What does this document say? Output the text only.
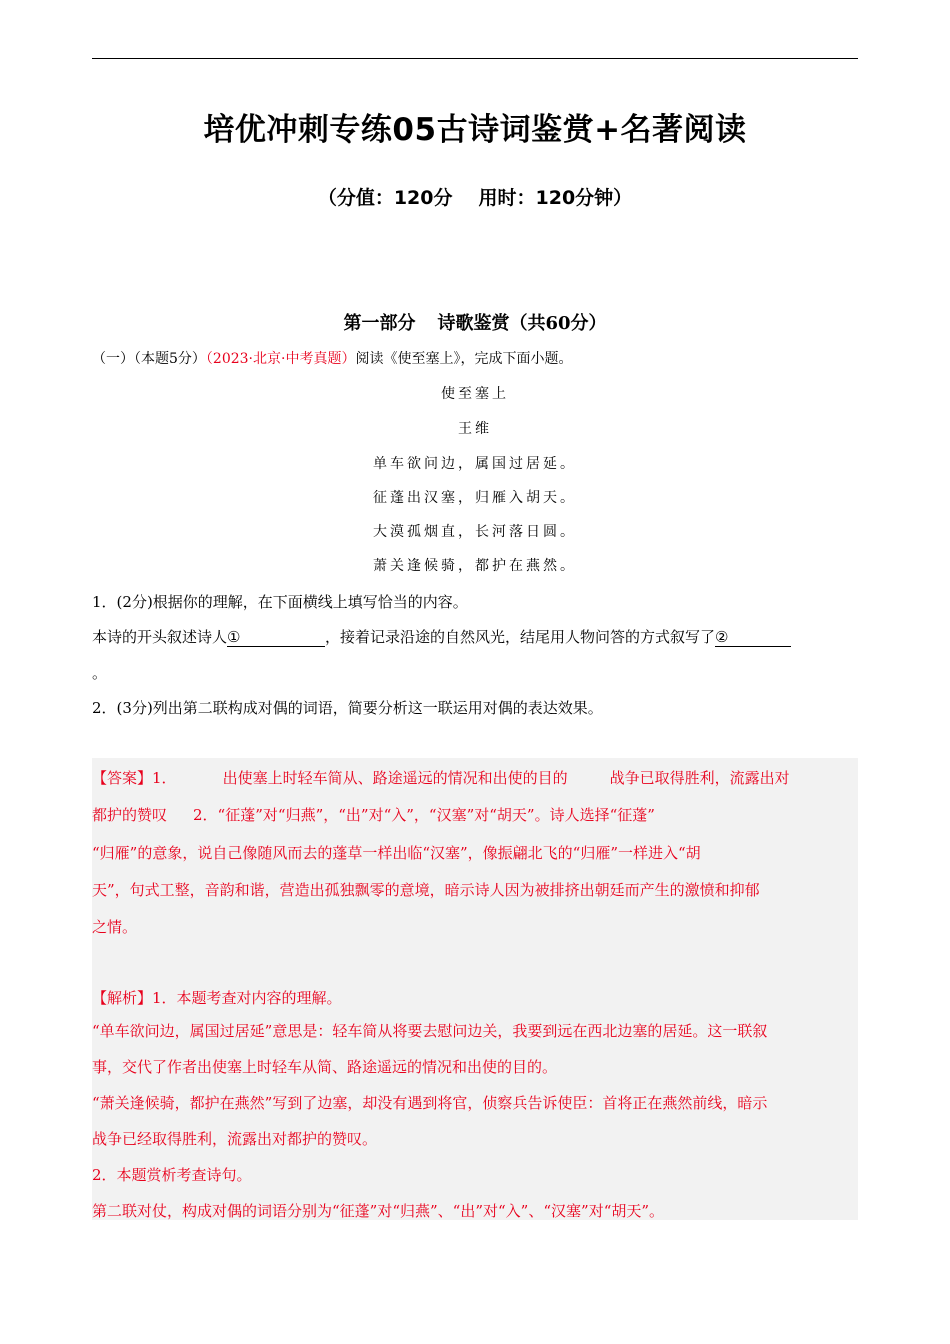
培优冲刺专练05古诗词鉴赏+名著阅读
（分值：120分 用时：120分钟）
第一部分 诗歌鉴赏（共60分）
（一）（本题5分）（2023·北京·中考真题）阅读《使至塞上》，完成下面小题。
使至塞上
王维
单车欲问边，属国过居延。
征蓬出汉塞，归雁入胡天。
大漠孤烟直，长河落日圆。
萧关逢候骑，都护在燕然。
1．(2分)根据你的理解，在下面横线上填写恰当的内容。
本诗的开头叙述诗人①	，接着记录沿途的自然风光，结尾用人物问答的方式叙写了②
。
2．(3分)列出第二联构成对偶的词语，简要分析这一联运用对偶的表达效果。
【答案】1．	出使塞上时轻车简从、路途遥远的情况和出使的目的	战争已取得胜利，流露出对
都护的赞叹 2．“征蓬”对“归燕”，“出”对“入”，“汉塞”对“胡天”。诗人选择“征蓬”
“归雁”的意象，说自己像随风而去的蓬草一样出临“汉塞”，像振翩北飞的“归雁”一样进入“胡
天”，句式工整，音韵和谐，营造出孤独飘零的意境，暗示诗人因为被排挤出朝廷而产生的激愤和抑郁
之情。
【解析】1．本题考查对内容的理解。
“单车欲问边，属国过居延”意思是：轻车简从将要去慰问边关，我要到远在西北边塞的居延。这一联叙
事，交代了作者出使塞上时轻车从简、路途遥远的情况和出使的目的。
“萧关逢候骑，都护在燕然”写到了边塞，却没有遇到将官，侦察兵告诉使臣：首将正在燕然前线，暗示
战争已经取得胜利，流露出对都护的赞叹。
2．本题赏析考查诗句。
第二联对仗，构成对偶的词语分别为“征蓬”对“归燕”、“出”对“入”、“汉塞”对“胡天”。
